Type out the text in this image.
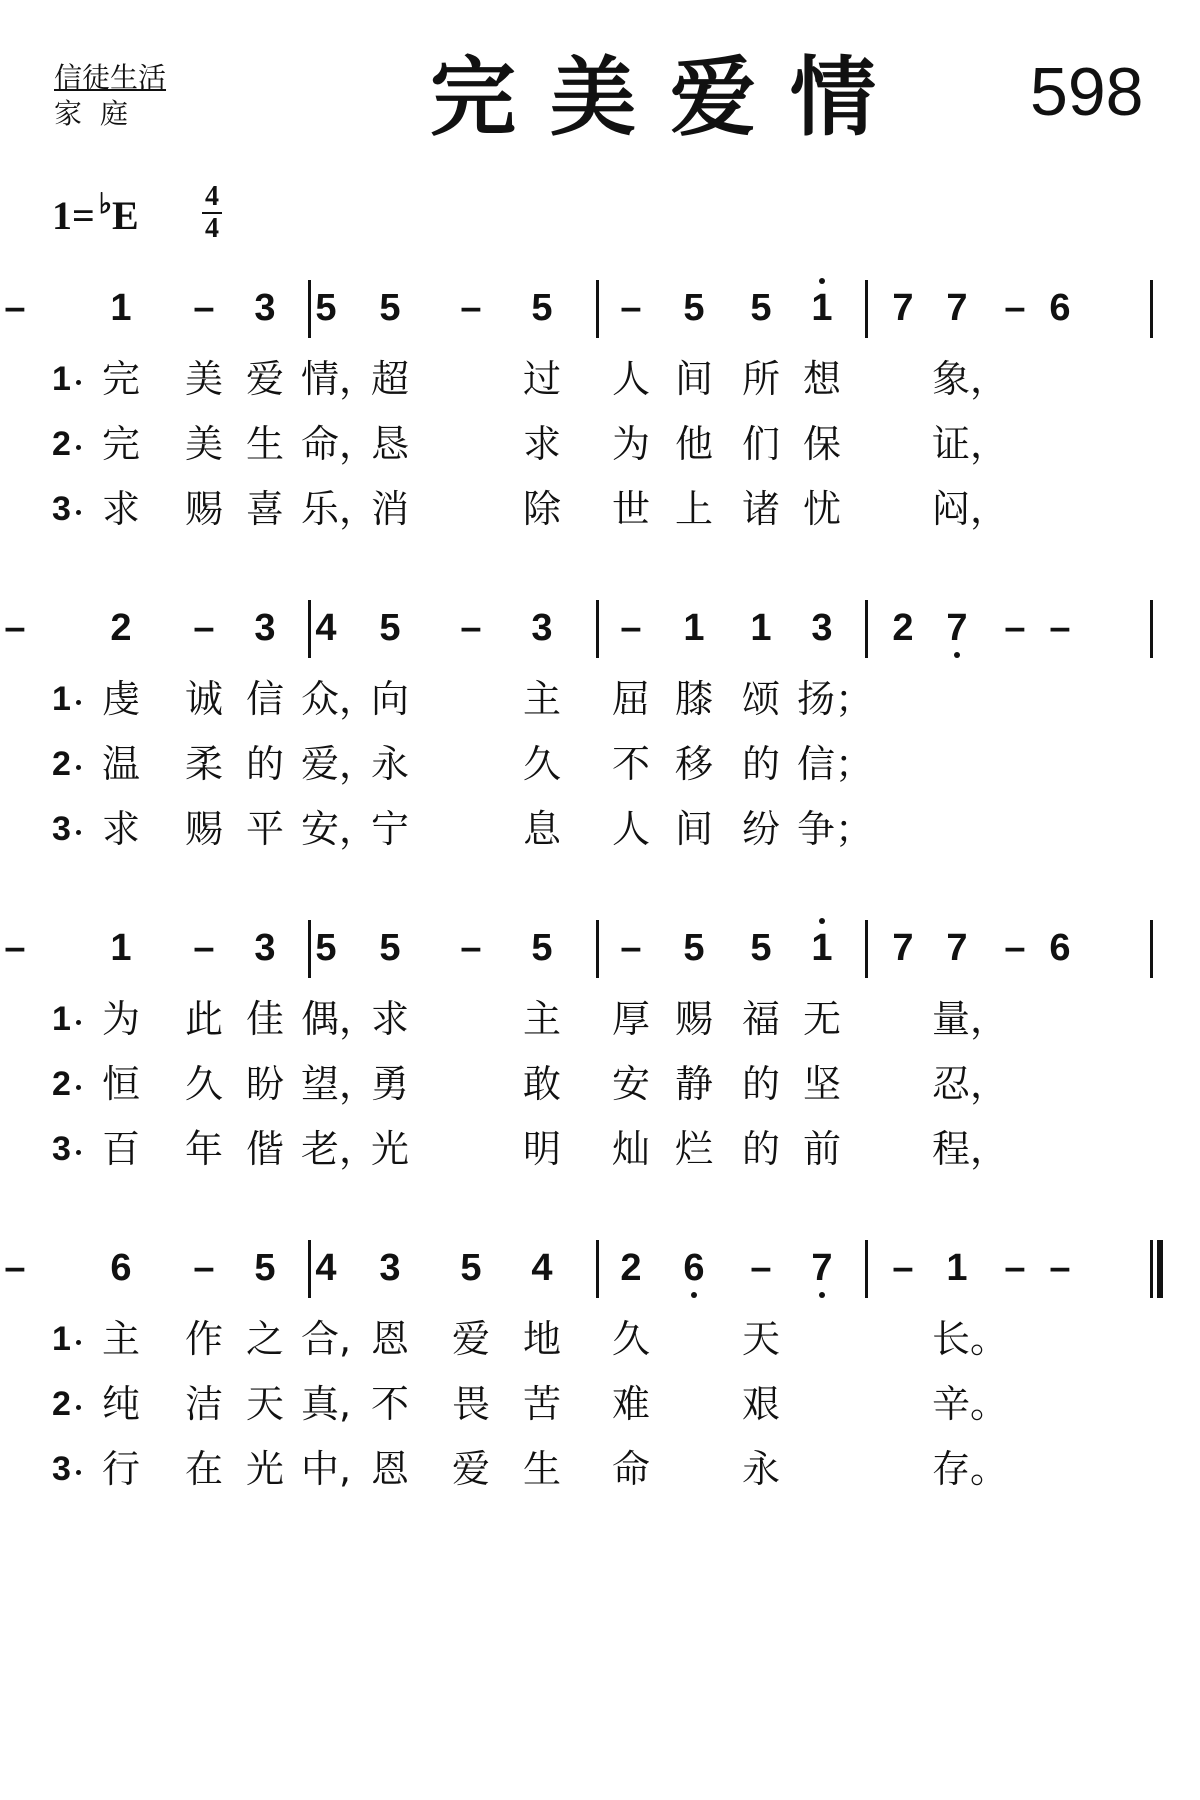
信徒生活
家庭	完美爱情 598
1= ♭E 4
4
1 – 3 5 5 – 5 – 5 5 1 7 7 – 6
–
1 完 美 爱 情，
超	过 人 间 所 想 象，
2 完 美 生 命，
恳	求 为 他 们 保 证，
3 求 赐 喜 乐，
消	除 世 上 诸 忧 闷，
2 – 3 4 5 – 3 – 1 1 3 2 7 – –
–
1 虔 诚 信 众，
向	主 屈 膝 颂 扬；
2 温 柔 的 爱，
永	久 不 移 的 信；
3 求 赐 平 安，
宁	息 人 间 纷 争；
1 – 3 5 5 – 5 – 5 5 1 7 7 – 6
–
1 为 此 佳 偶，
求	主 厚 赐 福 无 量，
2 恒 久 盼 望，
勇	敢 安 静 的 坚 忍，
3 百 年 偕 老，
光	明 灿 烂 的 前 程，
6 – 5 4 3 5 4 2 6 – 7 – 1 – –
–
1 主 作 之 合, 恩 爱 地 久 天	长。
2 纯 洁 天 真, 不 畏 苦 难 艰	辛。
3 行 在 光 中, 恩 爱 生 命 永	存。
